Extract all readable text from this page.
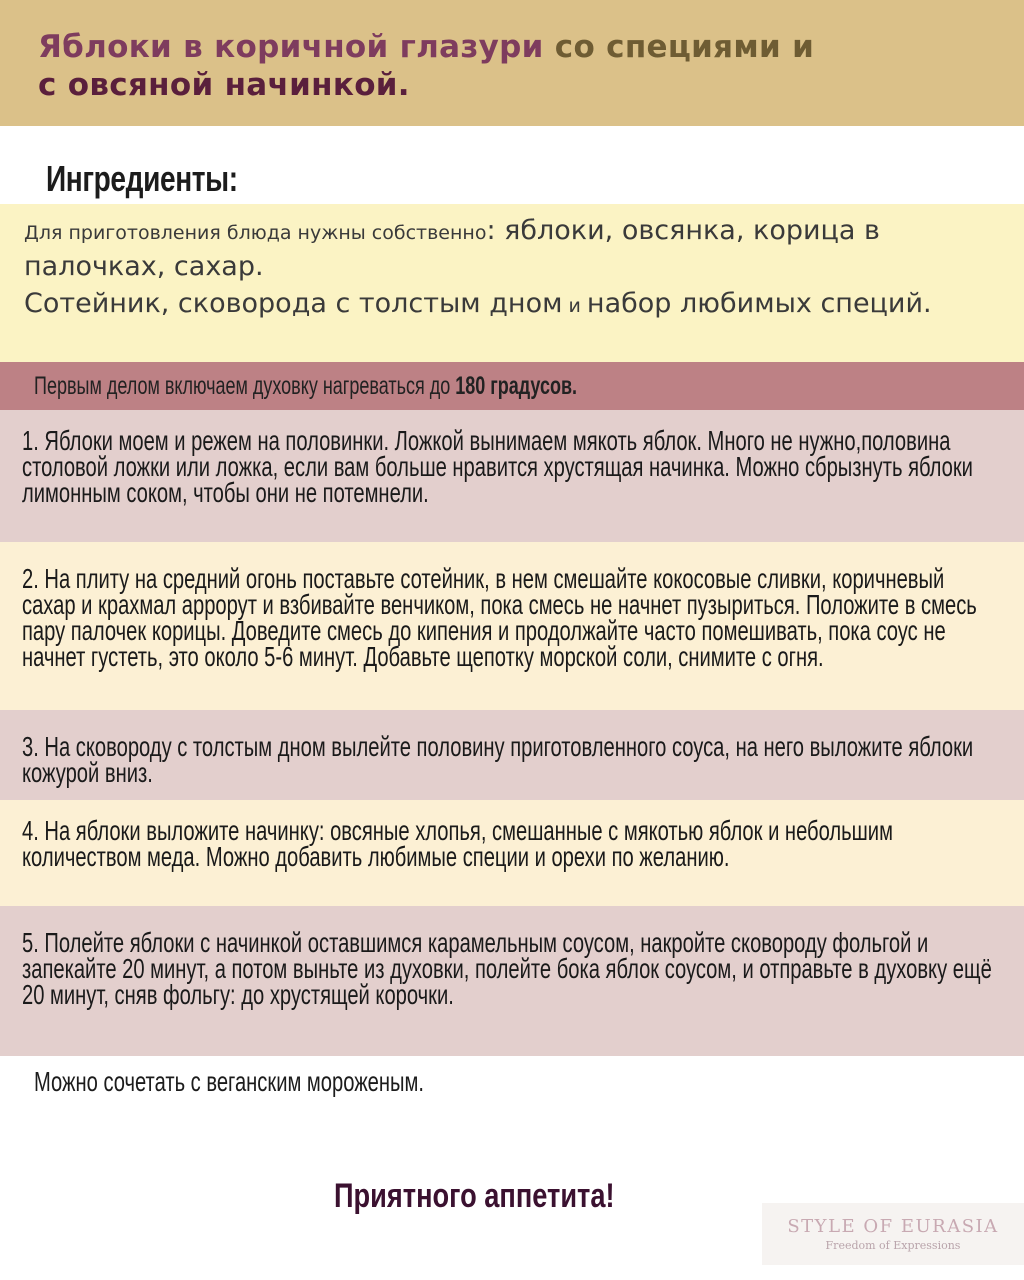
Яблоки в коричной глазури со специями и
с овсяной начинкой.
Ингредиенты:
Для приготовления блюда нужны собственно: яблоки, овсянка, корица в палочках, сахар.
Сотейник, сковорода с толстым дном и набор любимых специй.
Первым делом включаем духовку нагреваться до 180 градусов.
1. Яблоки моем и режем на половинки. Ложкой вынимаем мякоть яблок. Много не нужно,половина столовой ложки или ложка, если вам больше нравится хрустящая начинка. Можно сбрызнуть яблоки лимонным соком, чтобы они не потемнели.
2. На плиту на средний огонь поставьте сотейник, в нем смешайте кокосовые сливки, коричневый сахар и крахмал аррорут и взбивайте венчиком, пока смесь не начнет пузыриться. Положите в смесь пару палочек корицы. Доведите смесь до кипения и продолжайте часто помешивать, пока соус не начнет густеть, это около 5-6 минут. Добавьте щепотку морской соли, снимите с огня.
3. На сковороду с толстым дном вылейте половину приготовленного соуса, на него выложите яблоки кожурой вниз.
4. На яблоки выложите начинку: овсяные хлопья, смешанные с мякотью яблок и небольшим количеством меда. Можно добавить любимые специи и орехи по желанию.
5. Полейте яблоки с начинкой оставшимся карамельным соусом, накройте сковороду фольгой и запекайте 20 минут, а потом выньте из духовки, полейте бока яблок соусом, и отправьте в духовку ещё 20 минут, сняв фольгу: до хрустящей корочки.
Можно сочетать с веганским мороженым.
Приятного аппетита!
STYLE OF EURASIA
Freedom of Expressions
